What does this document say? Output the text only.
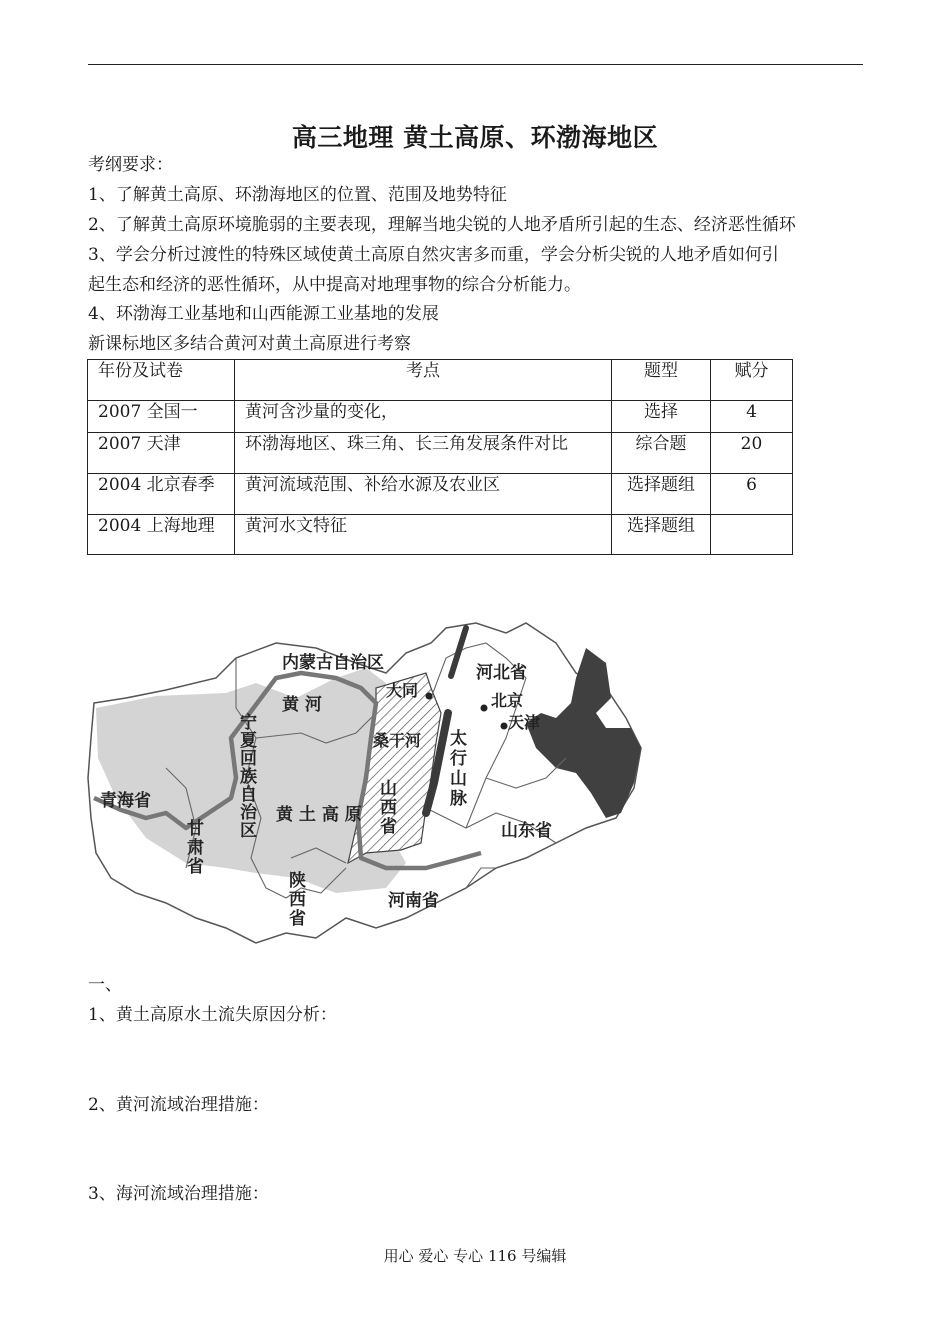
高三地理 黄土高原、环渤海地区
考纲要求：
1、了解黄土高原、环渤海地区的位置、范围及地势特征
2、了解黄土高原环境脆弱的主要表现，理解当地尖锐的人地矛盾所引起的生态、经济恶性循环
3、学会分析过渡性的特殊区域使黄土高原自然灾害多而重，学会分析尖锐的人地矛盾如何引
起生态和经济的恶性循环，从中提高对地理事物的综合分析能力。
4、环渤海工业基地和山西能源工业基地的发展
新课标地区多结合黄河对黄土高原进行考察
年份及试卷	考点	题型	赋分
2007 全国一	黄河含沙量的变化，	选择	4
2007 天津	环渤海地区、珠三角、长三角发展条件对比	综合题	20
2004 北京春季	黄河流域范围、补给水源及农业区	选择题组	6
2004 上海地理	黄河水文特征	选择题组	
内蒙古自治区
黄 河
青海省
黄 土 高 原
大同
桑干河
河北省
北京
天津
山东省
河南省
宁
夏
回
族
自
治
区
甘
肃
省
山
西
省
陕
西
省
太
行
山
脉
一、
1、黄土高原水土流失原因分析：
2、黄河流域治理措施：
3、海河流域治理措施：
用心 爱心 专心 116 号编辑
